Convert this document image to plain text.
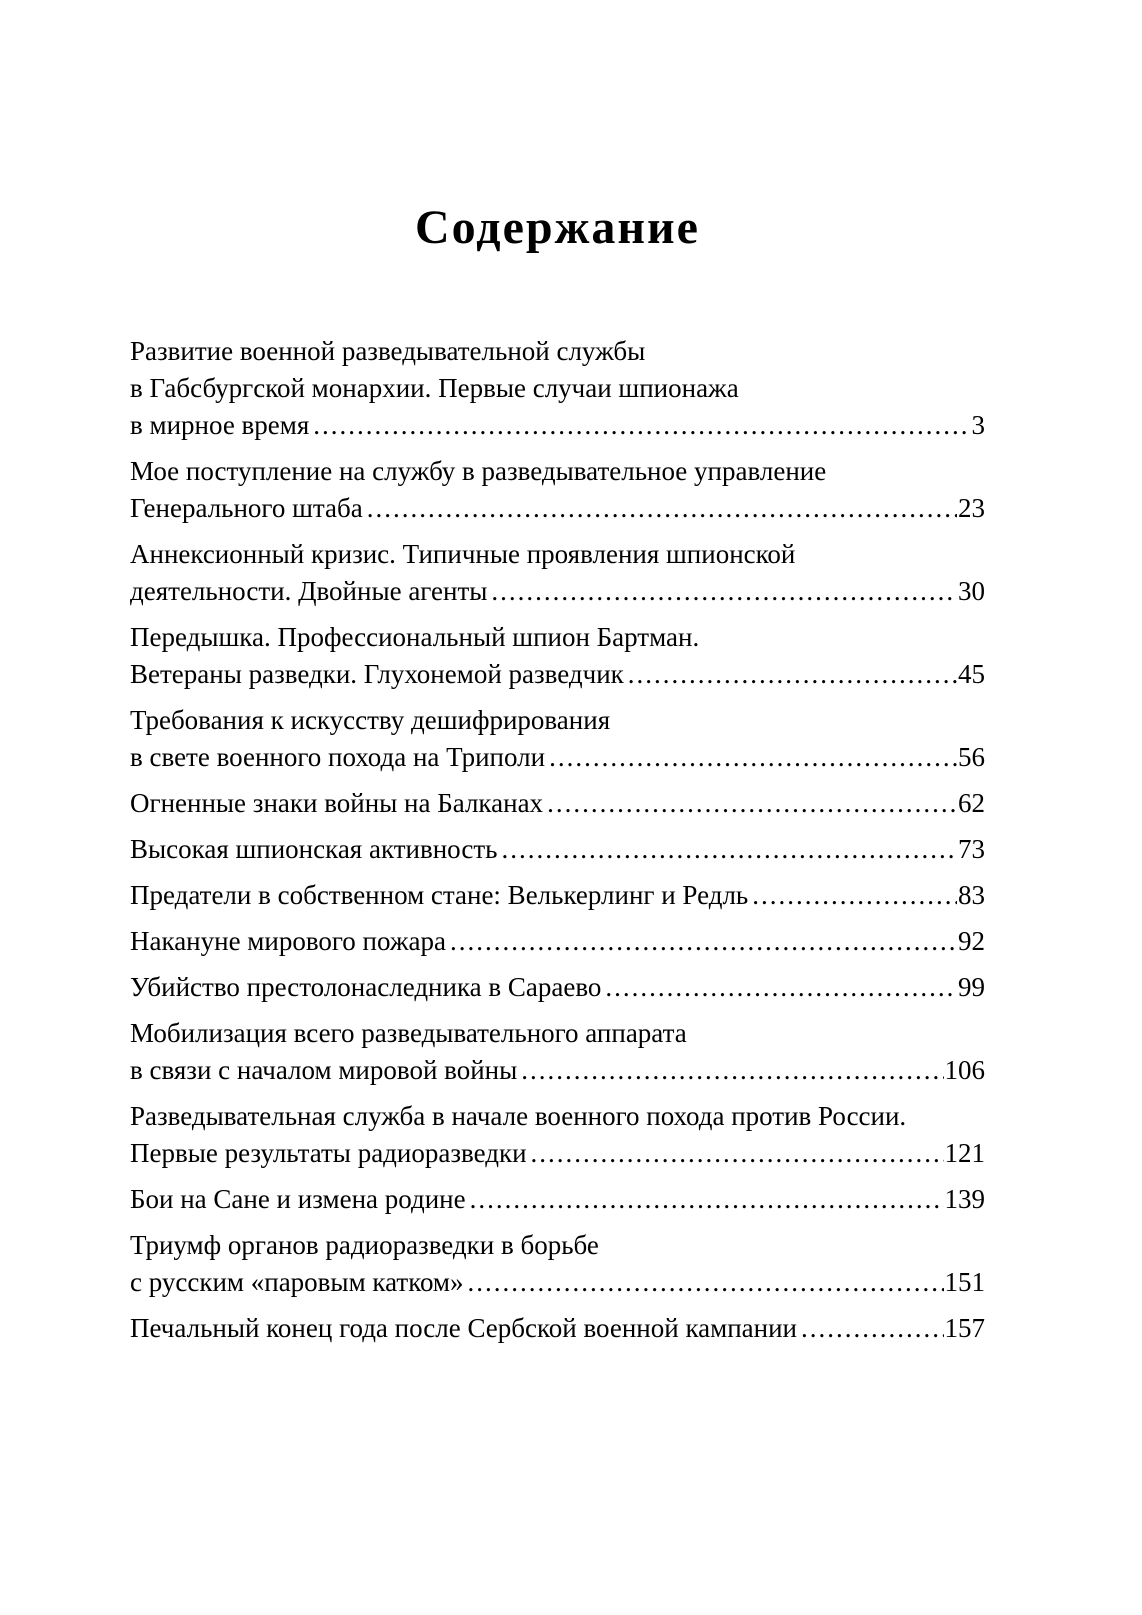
Содержание
Развитие военной разведывательной службы
в Габсбургской монархии. Первые случаи шпионажа
в мирное время .....	3
Мое поступление на службу в разведывательное управление
Генерального штаба .....	23
Аннексионный кризис. Типичные проявления шпионской
деятельности. Двойные агенты .....	30
Передышка. Профессиональный шпион Бартман.
Ветераны разведки. Глухонемой разведчик .....	45
Требования к искусству дешифрирования
в свете военного похода на Триполи .....	56
Огненные знаки войны на Балканах .....	62
Высокая шпионская активность .....	73
Предатели в собственном стане: Велькерлинг и Редль .....	83
Накануне мирового пожара .....	92
Убийство престолонаследника в Сараево .....	99
Мобилизация всего разведывательного аппарата
в связи с началом мировой войны .....	106
Разведывательная служба в начале военного похода против России.
Первые результаты радиоразведки .....	121
Бои на Сане и измена родине .....	139
Триумф органов радиоразведки в борьбе
с русским «паровым катком» .....	151
Печальный конец года после Сербской военной кампании .....	157
